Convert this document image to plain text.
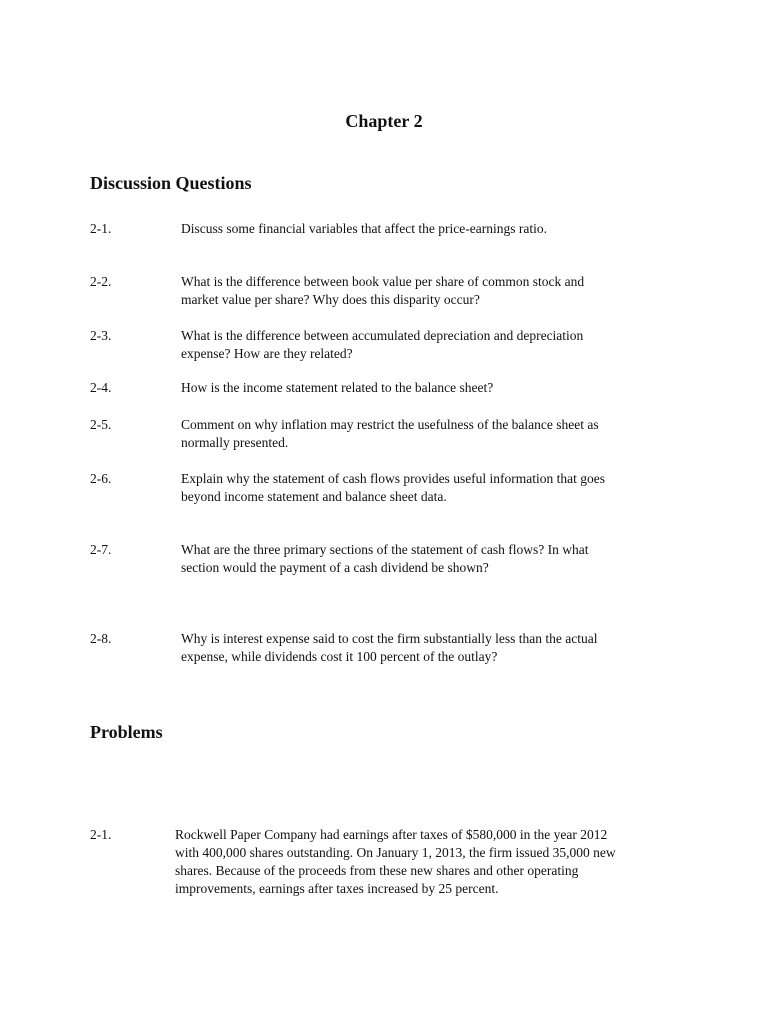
Chapter 2
Discussion Questions
2-1.	Discuss some financial variables that affect the price-earnings ratio.
2-2.	What is the difference between book value per share of common stock and
market value per share? Why does this disparity occur?
2-3.	What is the difference between accumulated depreciation and depreciation
expense? How are they related?
2-4.	How is the income statement related to the balance sheet?
2-5.	Comment on why inflation may restrict the usefulness of the balance sheet as
normally presented.
2-6.	Explain why the statement of cash flows provides useful information that goes
beyond income statement and balance sheet data.
2-7.	What are the three primary sections of the statement of cash flows? In what
section would the payment of a cash dividend be shown?
2-8.	Why is interest expense said to cost the firm substantially less than the actual
expense, while dividends cost it 100 percent of the outlay?
Problems
2-1.	Rockwell Paper Company had earnings after taxes of $580,000 in the year 2012
with 400,000 shares outstanding. On January 1, 2013, the firm issued 35,000 new
shares. Because of the proceeds from these new shares and other operating
improvements, earnings after taxes increased by 25 percent.
